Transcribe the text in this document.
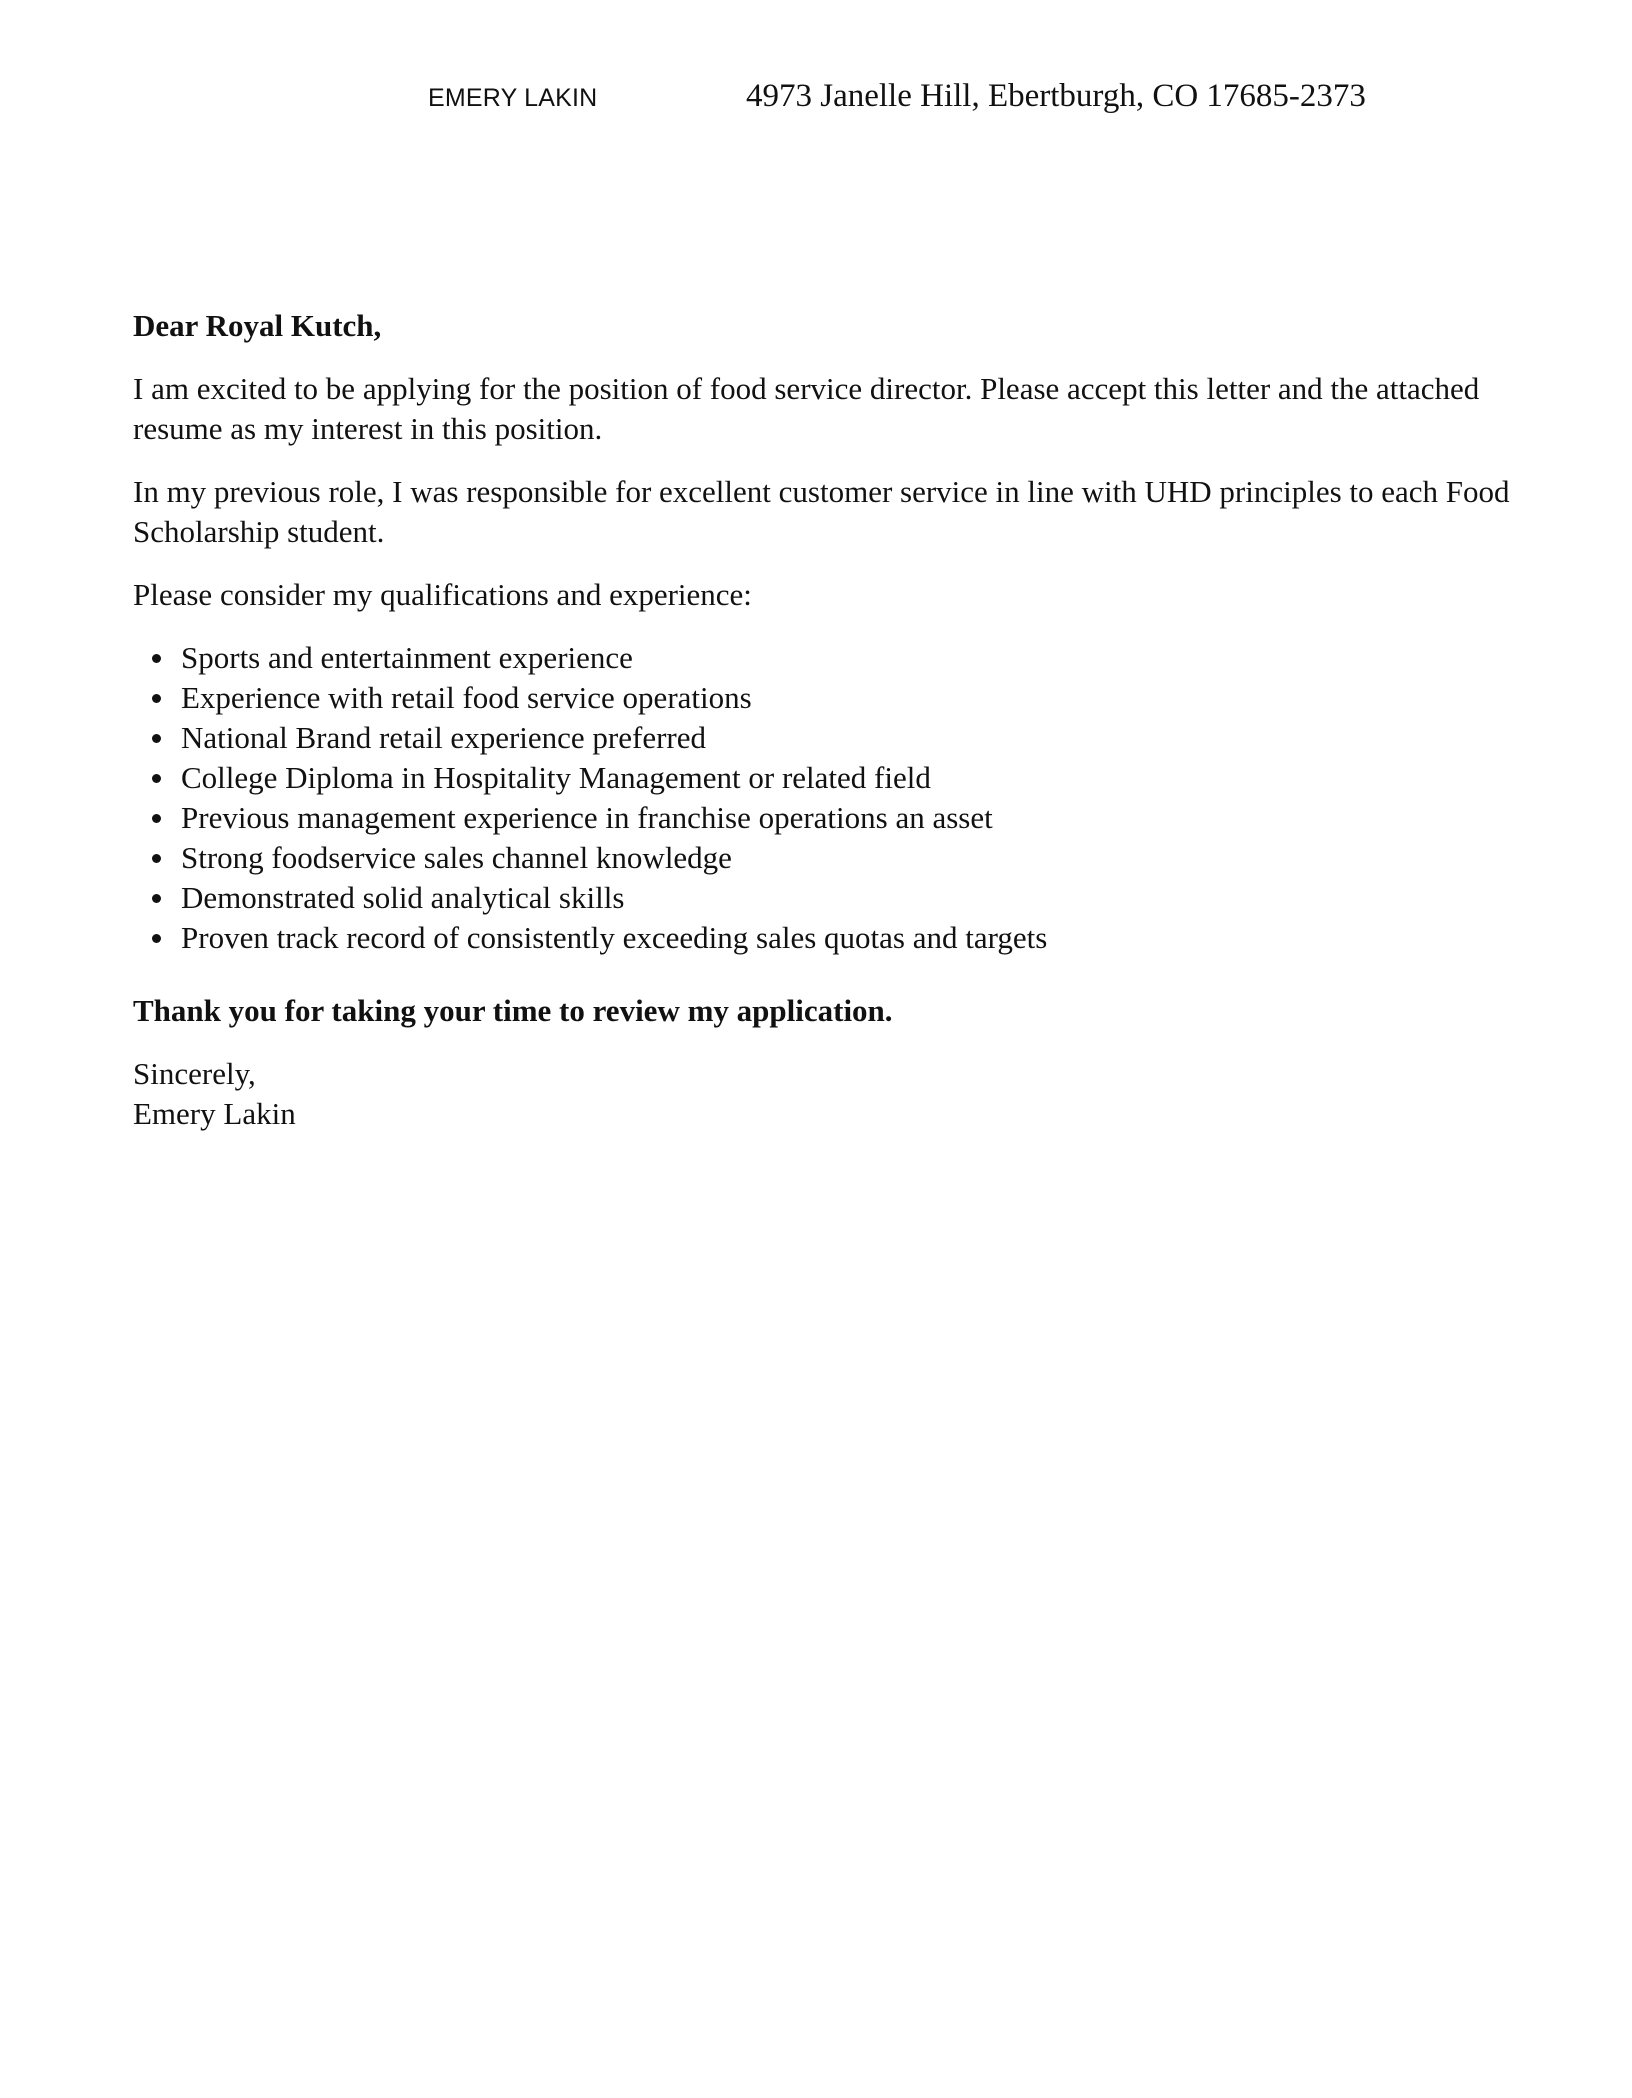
EMERY LAKIN	4973 Janelle Hill, Ebertburgh, CO 17685-2373

Dear Royal Kutch,

I am excited to be applying for the position of food service director. Please accept this letter and the attached resume as my interest in this position.

In my previous role, I was responsible for excellent customer service in line with UHD principles to each Food Scholarship student.

Please consider my qualifications and experience:

Sports and entertainment experience
Experience with retail food service operations
National Brand retail experience preferred
College Diploma in Hospitality Management or related field
Previous management experience in franchise operations an asset
Strong foodservice sales channel knowledge
Demonstrated solid analytical skills
Proven track record of consistently exceeding sales quotas and targets

Thank you for taking your time to review my application.

Sincerely,
Emery Lakin
